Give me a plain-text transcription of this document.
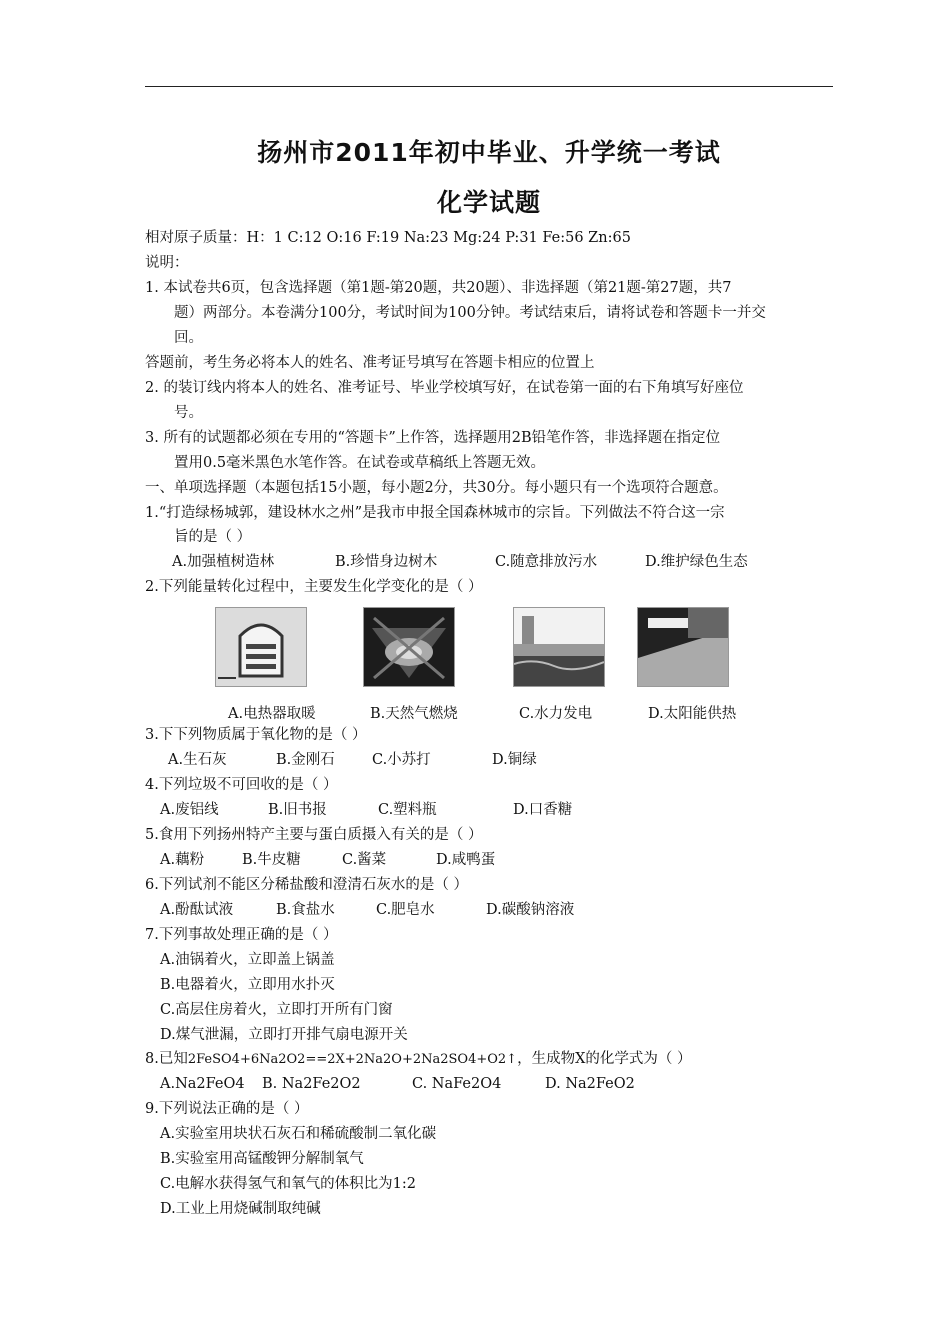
扬州市2011年初中毕业、升学统一考试
化学试题
相对原子质量：H：1 C:12 O:16 F:19 Na:23 Mg:24 P:31 Fe:56 Zn:65
说明：
1. 本试卷共6页，包含选择题（第1题-第20题，共20题）、非选择题（第21题-第27题，共7
题）两部分。本卷满分100分，考试时间为100分钟。考试结束后，请将试卷和答题卡一并交
回。
答题前，考生务必将本人的姓名、准考证号填写在答题卡相应的位置上
2. 的装订线内将本人的姓名、准考证号、毕业学校填写好，在试卷第一面的右下角填写好座位
号。
3. 所有的试题都必须在专用的“答题卡”上作答，选择题用2B铅笔作答，非选择题在指定位
置用0.5毫米黑色水笔作答。在试卷或草稿纸上答题无效。
一、单项选择题（本题包括15小题，每小题2分，共30分。每小题只有一个选项符合题意。
1.“打造绿杨城郭，建设林水之州”是我市申报全国森林城市的宗旨。下列做法不符合这一宗
旨的是（ ）
A.加强植树造林	B.珍惜身边树木	C.随意排放污水	D.维护绿色生态
2.下列能量转化过程中，主要发生化学变化的是（ ）
A.电热器取暖	B.天然气燃烧	C.水力发电	D.太阳能供热
3.下下列物质属于氧化物的是（ ）
A.生石灰	B.金刚石	C.小苏打	D.铜绿
4.下列垃圾不可回收的是（ ）
A.废铝线	B.旧书报	C.塑料瓶	D.口香糖
5.食用下列扬州特产主要与蛋白质摄入有关的是（ ）
A.藕粉	B.牛皮糖	C.酱菜	D.咸鸭蛋
6.下列试剂不能区分稀盐酸和澄清石灰水的是（ ）
A.酚酞试液	B.食盐水	C.肥皂水	D.碳酸钠溶液
7.下列事故处理正确的是（ ）
A.油锅着火，立即盖上锅盖
B.电器着火，立即用水扑灭
C.高层住房着火，立即打开所有门窗
D.煤气泄漏，立即打开排气扇电源开关
8.已知2FeSO4+6Na2O2==2X+2Na2O+2Na2SO4+O2↑，生成物X的化学式为（ ）
A.Na2FeO4 B. Na2Fe2O2	C. NaFe2O4	D. Na2FeO2
9.下列说法正确的是（ ）
A.实验室用块状石灰石和稀硫酸制二氧化碳
B.实验室用高锰酸钾分解制氧气
C.电解水获得氢气和氧气的体积比为1:2
D.工业上用烧碱制取纯碱
